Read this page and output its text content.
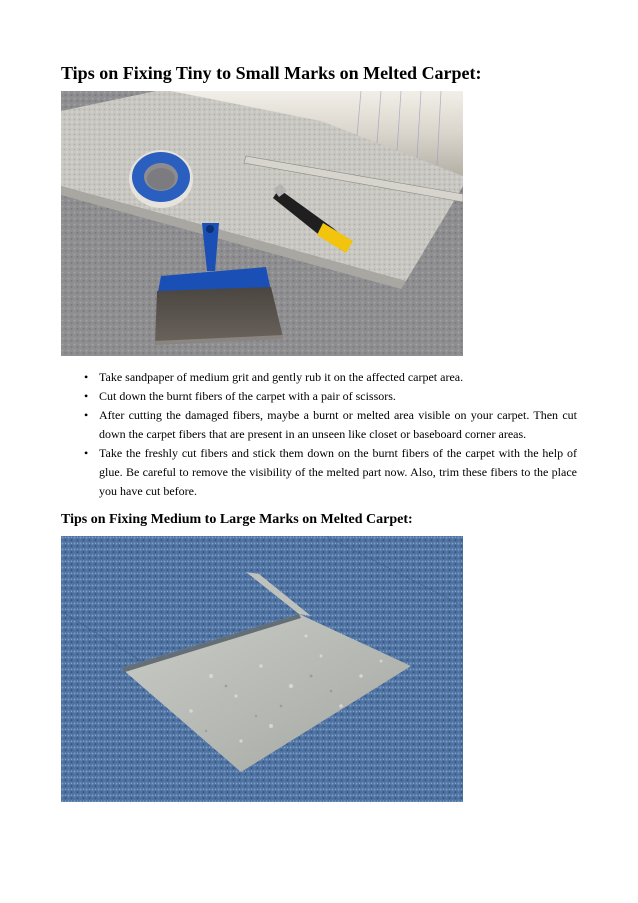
Tips on Fixing Tiny to Small Marks on Melted Carpet:
• Take sandpaper of medium grit and gently rub it on the affected carpet area.
• Cut down the burnt fibers of the carpet with a pair of scissors.
• After cutting the damaged fibers, maybe a burnt or melted area visible on your carpet. Then cut down the carpet fibers that are present in an unseen like closet or baseboard corner areas.
• Take the freshly cut fibers and stick them down on the burnt fibers of the carpet with the help of glue. Be careful to remove the visibility of the melted part now. Also, trim these fibers to the place you have cut before.
Tips on Fixing Medium to Large Marks on Melted Carpet:
